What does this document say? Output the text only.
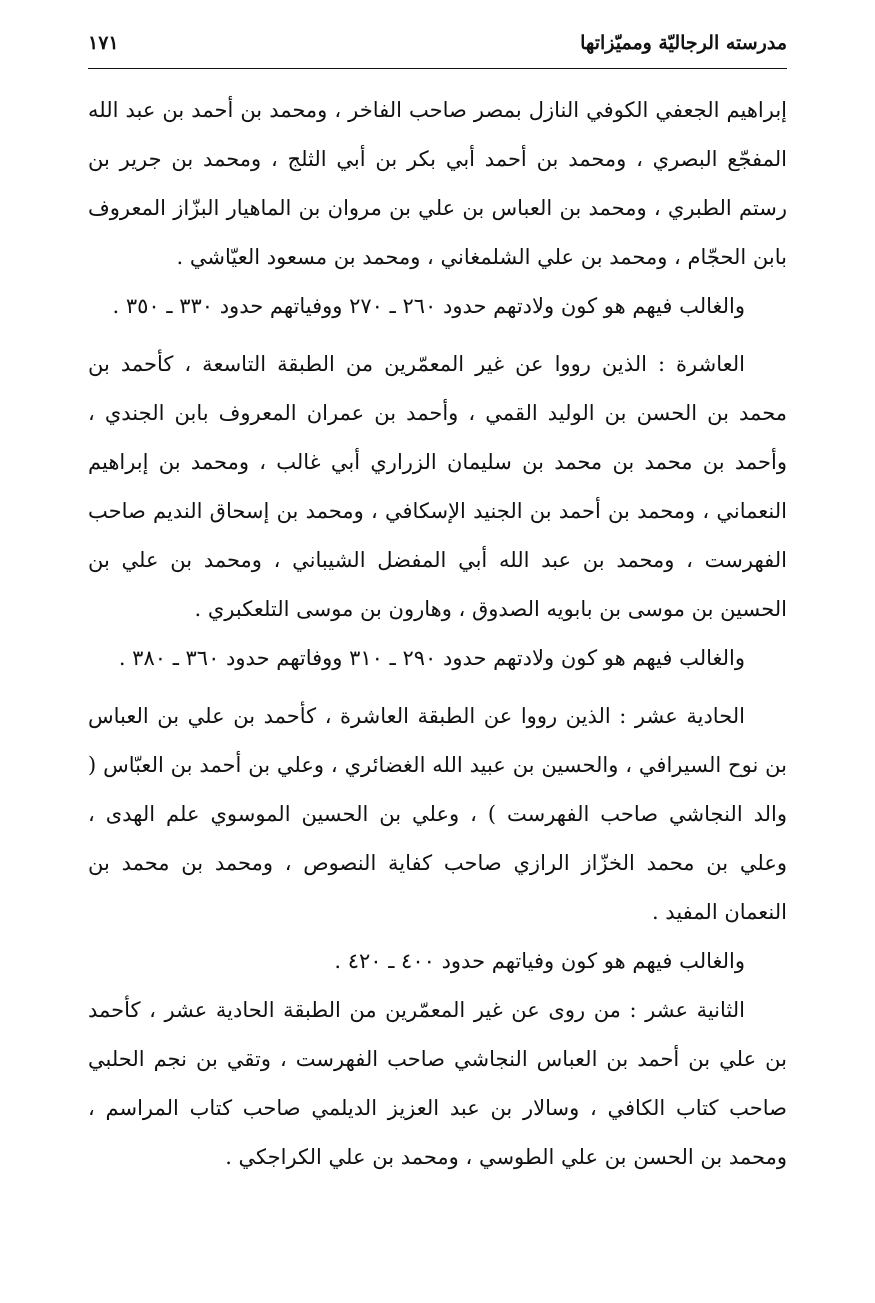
مدرسته الرجاليّة ومميّزاتها
١٧١

إبراهيم الجعفي الكوفي النازل بمصر صاحب الفاخر ، ومحمد بن أحمد بن عبد الله المفجّع البصري ، ومحمد بن أحمد أبي بكر بن أبي الثلج ، ومحمد بن جرير بن رستم الطبري ، ومحمد بن العباس بن علي بن مروان بن الماهيار البزّاز المعروف بابن الحجّام ، ومحمد بن علي الشلمغاني ، ومحمد بن مسعود العيّاشي .

والغالب فيهم هو كون ولادتهم حدود ٢٦٠ ـ ٢٧٠ ووفياتهم حدود ٣٣٠ ـ ٣٥٠ .

العاشرة : الذين رووا عن غير المعمّرين من الطبقة التاسعة ، كأحمد بن محمد بن الحسن بن الوليد القمي ، وأحمد بن عمران المعروف بابن الجندي ، وأحمد بن محمد بن محمد بن سليمان الزراري أبي غالب ، ومحمد بن إبراهيم النعماني ، ومحمد بن أحمد بن الجنيد الإسكافي ، ومحمد بن إسحاق النديم صاحب الفهرست ، ومحمد بن عبد الله أبي المفضل الشيباني ، ومحمد بن علي بن الحسين بن موسى بن بابويه الصدوق ، وهارون بن موسى التلعكبري .

والغالب فيهم هو كون ولادتهم حدود ٢٩٠ ـ ٣١٠ ووفاتهم حدود ٣٦٠ ـ ٣٨٠ .

الحادية عشر : الذين رووا عن الطبقة العاشرة ، كأحمد بن علي بن العباس بن نوح السيرافي ، والحسين بن عبيد الله الغضائري ، وعلي بن أحمد بن العبّاس ( والد النجاشي صاحب الفهرست ) ، وعلي بن الحسين الموسوي علم الهدى ، وعلي بن محمد الخزّاز الرازي صاحب كفاية النصوص ، ومحمد بن محمد بن النعمان المفيد .

والغالب فيهم هو كون وفياتهم حدود ٤٠٠ ـ ٤٢٠ .

الثانية عشر : من روى عن غير المعمّرين من الطبقة الحادية عشر ، كأحمد بن علي بن أحمد بن العباس النجاشي صاحب الفهرست ، وتقي بن نجم الحلبي صاحب كتاب الكافي ، وسالار بن عبد العزيز الديلمي صاحب كتاب المراسم ، ومحمد بن الحسن بن علي الطوسي ، ومحمد بن علي الكراجكي .
